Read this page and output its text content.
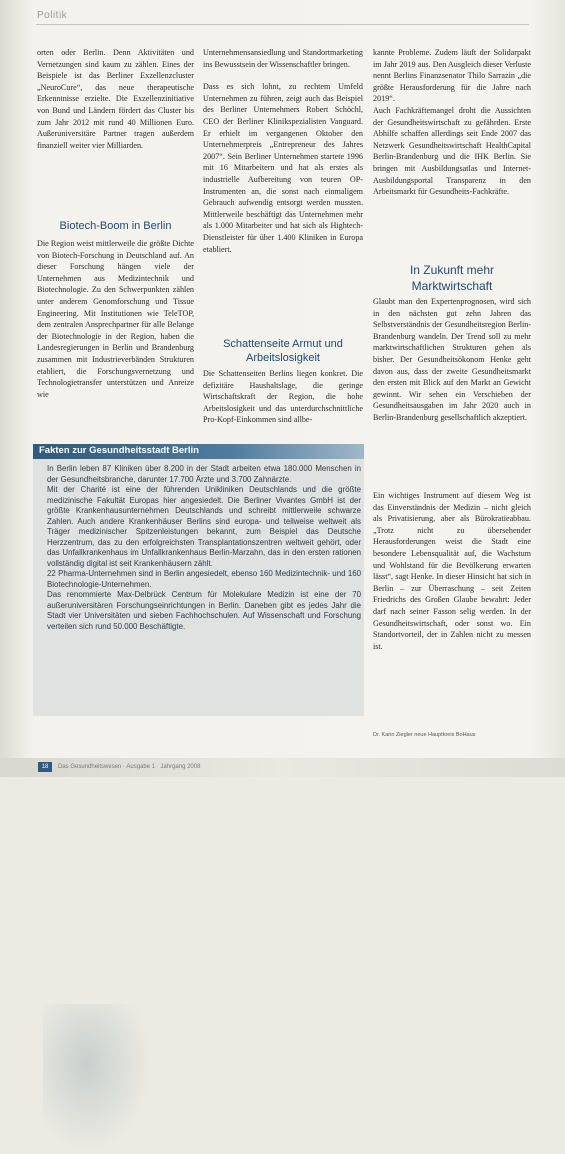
Politik

orten oder Berlin. Denn Aktivitäten und Vernetzungen sind kaum zu zählen. Eines der Beispiele ist das Berliner Exzellenzcluster „NeuroCure“, das neue therapeutische Erkenntnisse erzielte. Die Exzellenzinitiative von Bund und Ländern fördert das Cluster bis zum Jahr 2012 mit rund 40 Millionen Euro. Außeruniversitäre Partner tragen außerdem finanziell weiter vier Milliarden.

Biotech-Boom in Berlin

Die Region weist mittlerweile die größte Dichte von Biotech-Forschung in Deutschland auf. An dieser Forschung hängen viele der Unternehmen aus Medizintechnik und Biotechnologie. Zu den Schwerpunkten zählen unter anderem Genomforschung und Tissue Engineering. Mit Institutionen wie TeleTOP, dem zentralen Ansprechpartner für alle Belange der Biotechnologie in der Region, haben die Landesregierungen in Berlin und Brandenburg zusammen mit Industrieverbänden Strukturen etabliert, die Forschungsvernetzung und Technologietransfer unterstützen und Anreize wie

Unternehmensansiedlung und Standortmarketing ins Bewusstsein der Wissenschaftler bringen.

Dass es sich lohnt, zu rechtem Umfeld Unternehmen zu führen, zeigt auch das Beispiel des Berliner Unternehmers Robert Schöchl, CEO der Berliner Klinikspezialisten Vanguard. Er erhielt im vergangenen Oktober den Unternehmerpreis „Entrepreneur des Jahres 2007“. Sein Berliner Unternehmen startete 1996 mit 16 Mitarbeitern und hat als erstes als industrielle Aufbereitung von teuren OP-Instrumenten an, die sonst nach einmaligem Gebrauch aufwendig entsorgt werden mussten. Mittlerweile beschäftigt das Unternehmen mehr als 1.000 Mitarbeiter und hat sich als Hightech-Dienstleister für über 1.400 Kliniken in Europa etabliert.

Schattenseite Armut und Arbeitslosigkeit

Die Schattenseiten Berlins liegen konkret. Die defizitäre Haushaltslage, die geringe Wirtschaftskraft der Region, die hohe Arbeitslosigkeit und das unterdurchschnittliche Pro-Kopf-Einkommen sind allbe-

kannte Probleme. Zudem läuft der Solidarpakt im Jahr 2019 aus. Den Ausgleich dieser Verluste nennt Berlins Finanzsenator Thilo Sarrazin „die größte Herausforderung für die Jahre nach 2019“.

Auch Fachkräftemangel droht die Aussichten der Gesundheitswirtschaft zu gefährden. Erste Abhilfe schaffen allerdings seit Ende 2007 das Netzwerk Gesundheitswirtschaft HealthCapital Berlin-Brandenburg und die IHK Berlin. Sie bringen mit Ausbildungsatlas und Internet-Ausbildungsportal Transparenz in den Arbeitsmarkt für Gesundheits-Fachkräfte.

In Zukunft mehr Marktwirtschaft

Glaubt man den Expertenprognosen, wird sich in den nächsten gut zehn Jahren das Selbstverständnis der Gesundheitsregion Berlin-Brandenburg wandeln. Der Trend soll zu mehr marktwirtschaftlichen Strukturen gehen als bisher. Der Gesundheitsökonom Henke geht davon aus, dass der zweite Gesundheitsmarkt den ersten mit Blick auf den Markt an Gewicht gewinnt. Wir sehen ein Verschieben der Gesundheitsausgaben im Jahr 2020 auch in Berlin-Brandenburg gesellschaftlich akzeptiert.

Ein wichtiges Instrument auf diesem Weg ist das Einverständnis der Medizin – nicht gleich als Privatisierung, aber als Bürokratieabbau. „Trotz nicht zu übersehender Herausforderungen weist die Stadt eine besondere Lebensqualität auf, die Wachstum und Wohlstand für die Bevölkerung erwarten lässt“, sagt Henke. In dieser Hinsicht hat sich in Berlin – zur Überraschung – seit Zeiten Friedrichs des Großen Glaube bewahrt: Jeder darf nach seiner Fasson selig werden. In der Gesundheitswirtschaft, oder sonst wo. Ein Standortvorteil, der in Zahlen nicht zu messen ist.

Fakten zur Gesundheitsstadt Berlin

In Berlin leben 87 Kliniken über 8.200 in der Stadt arbeiten etwa 180.000 Menschen in der Gesundheitsbranche, darunter 17.700 Ärzte und 3.700 Zahnärzte.

Mit der Charité ist eine der führenden Unikliniken Deutschlands und die größte medizinische Fakultät Europas hier angesiedelt. Die Berliner Vivantes GmbH ist der größte Krankenhausunternehmen Deutschlands und schreibt mittlerweile schwarze Zahlen. Auch andere Krankenhäuser Berlins sind europa- und teilweise weltweit als Träger medizinischer Spitzenleistungen bekannt, zum Beispiel das Deutsche Herzzentrum, das zu den erfolgreichsten Transplantationszentren weltweit gehört, oder das Unfallkrankenhaus im Unfallkrankenhaus Berlin-Marzahn, das in den ersten rationen vollständig digital ist seit Krankenhäusern zählt.

22 Pharma-Unternehmen sind in Berlin angesiedelt, ebenso 160 Medizintechnik- und 160 Biotechnologie-Unternehmen.

Das renommierte Max-Delbrück Centrum für Molekulare Medizin ist eine der 70 außeruniversitären Forschungseinrichtungen in Berlin. Daneben gibt es jedes Jahr die Stadt vier Universitäten und sieben Fachhochschulen. Auf Wissenschaft und Forschung verteilen sich rund 50.000 Beschäftigte.

Dr. Karin Ziegler neue Hauptkreis BoHaus
18	Das Gesundheitswesen · Ausgabe 1 · Jahrgang 2008
